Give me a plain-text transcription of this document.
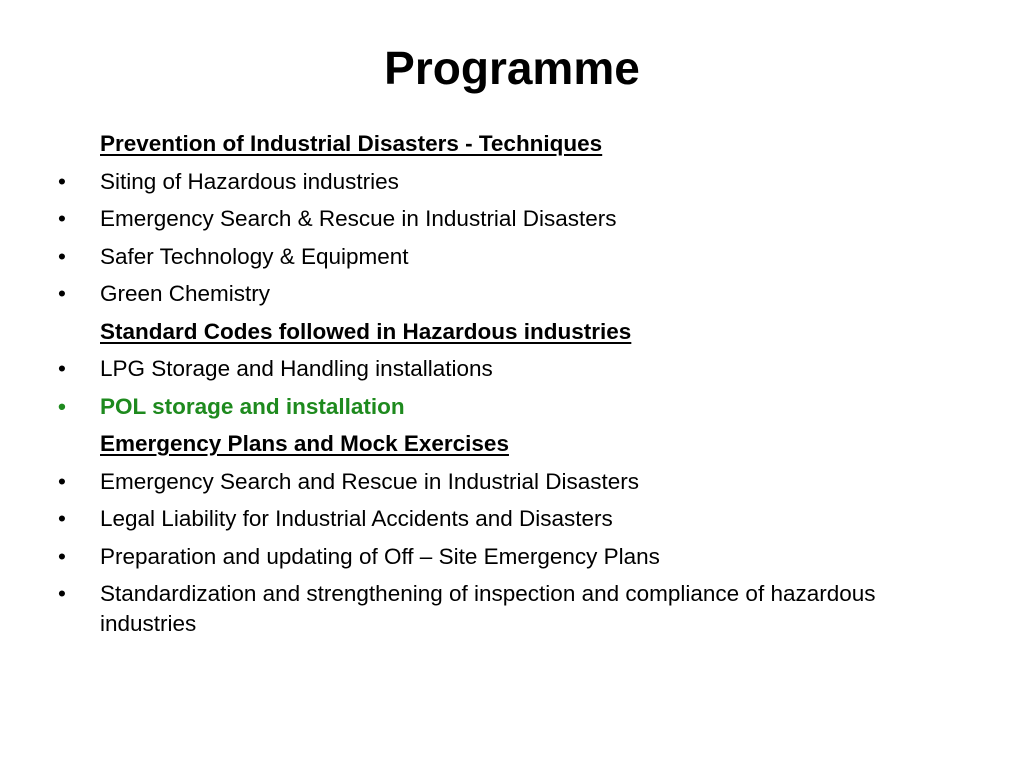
Programme
Prevention of Industrial Disasters - Techniques
•	Siting of Hazardous industries
•	Emergency Search & Rescue in Industrial Disasters
•	Safer Technology & Equipment
•	Green Chemistry
Standard Codes followed in Hazardous industries
•	LPG Storage and Handling installations
•	POL storage and installation
Emergency Plans and Mock Exercises
•	Emergency Search and Rescue in Industrial Disasters
•	Legal Liability for Industrial Accidents and Disasters
•	Preparation and updating of Off – Site Emergency Plans
•	Standardization and strengthening of inspection and compliance of hazardous industries
